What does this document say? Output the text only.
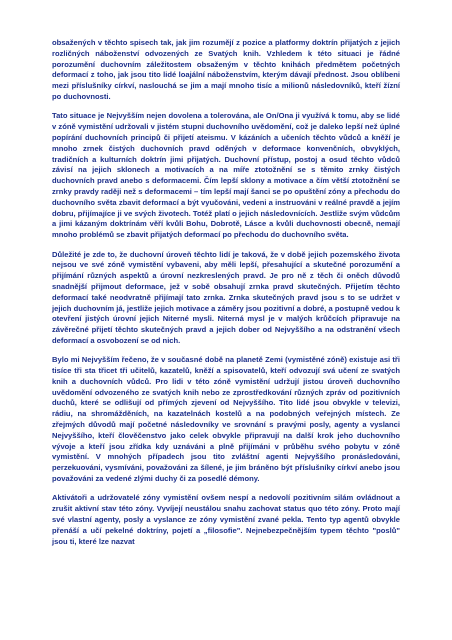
obsažených v těchto spisech tak, jak jim rozumějí z pozice a platformy doktrín přijatých z jejich rozličných náboženství odvozených ze Svatých knih. Vzhledem k této situaci je řádné porozumění duchovním záležitostem obsaženým v těchto knihách předmětem početných deformací z toho, jak jsou tito lidé loajální náboženstvím, kterým dávají přednost. Jsou oblíbeni mezi příslušníky církví, naslouchá se jim a mají mnoho tisíc a milionů následovníků, kteří žízní po duchovnosti.

Tato situace je Nejvyšším nejen dovolena a tolerována, ale On/Ona ji využívá k tomu, aby se lidé v zóně vymistění udržovali v jistém stupni duchovního uvědomění, což je daleko lepší než úplné popírání duchovních principů či přijetí ateismu. V kázáních a učeních těchto vůdců a kněží je mnoho zrnek čistých duchovních pravd oděných v deformace konvenčních, obvyklých, tradičních a kulturních doktrín jimi přijatých. Duchovní přístup, postoj a osud těchto vůdců závisí na jejich sklonech a motivacích a na míře ztotožnění se s těmito zrnky čistých duchovních pravd anebo s deformacemi. Čím lepší sklony a motivace a čím větší ztotožnění se zrnky pravdy raději než s deformacemi – tím lepší mají šanci se po opuštění zóny a přechodu do duchovního světa zbavit deformací a být vyučováni, vedeni a instruováni v reálné pravdě a jejím dobru, přijímajíce ji ve svých životech. Totéž platí o jejich následovnících. Jestliže svým vůdcům a jimi kázaným doktrínám věří kvůli Bohu, Dobrotě, Lásce a kvůli duchovnosti obecně, nemají mnoho problémů se zbavit přijatých deformací po přechodu do duchovního světa.

Důležité je zde to, že duchovní úroveň těchto lidí je taková, že v době jejich pozemského života nejsou ve své zóně vymistění vybaveni, aby měli lepší, přesahující a skutečné porozumění a přijímání různých aspektů a úrovní nezkreslených pravd. Je pro ně z těch či oněch důvodů snadnější přijmout deformace, jež v sobě obsahují zrnka pravd skutečných. Přijetím těchto deformací také neodvratně přijímají tato zrnka. Zrnka skutečných pravd jsou s to se udržet v jejich duchovním já, jestliže jejich motivace a záměry jsou pozitivní a dobré, a postupně vedou k otevření jistých úrovní jejich Niterné mysli. Niterná mysl je v malých krůčcích připravuje na závěrečné přijetí těchto skutečných pravd a jejich dober od Nejvyššího a na odstranění všech deformací a osvobození se od nich.

Bylo mi Nejvyšším řečeno, že v současné době na planetě Zemi (vymistěné zóně) existuje asi tři tisíce tři sta třicet tři učitelů, kazatelů, kněží a spisovatelů, kteří odvozují svá učení ze svatých knih a duchovních vůdců. Pro lidi v této zóně vymistění udržují jistou úroveň duchovního uvědomění odvozeného ze svatých knih nebo ze zprostředkování různých zpráv od pozitivních duchů, které se odlišují od přímých zjevení od Nejvyššího. Tito lidé jsou obvykle v televizi, rádiu, na shromážděních, na kazatelnách kostelů a na podobných veřejných místech. Ze zřejmých důvodů mají početné následovníky ve srovnání s pravými posly, agenty a vyslanci Nejvyššího, kteří člověčenstvo jako celek obvykle připravují na další krok jeho duchovního vývoje a kteří jsou zřídka kdy uznáváni a plně přijímáni v průběhu svého pobytu v zóně vymistění. V mnohých případech jsou tito zvláštní agenti Nejvyššího pronásledováni, perzekuováni, vysmíváni, považováni za šílené, je jim bráněno být příslušníky církví anebo jsou považováni za vedené zlými duchy či za posedlé démony.

Aktivátoři a udržovatelé zóny vymistění ovšem nespí a nedovolí pozitivním silám ovládnout a zrušit aktivní stav této zóny. Vyvíjejí neustálou snahu zachovat status quo této zóny. Proto mají své vlastní agenty, posly a vyslance ze zóny vymistění zvané pekla. Tento typ agentů obvykle přenáší a učí pekelné doktríny, pojetí a „filosofie". Nejnebezpečnějším typem těchto "poslů" jsou ti, které lze nazvat
